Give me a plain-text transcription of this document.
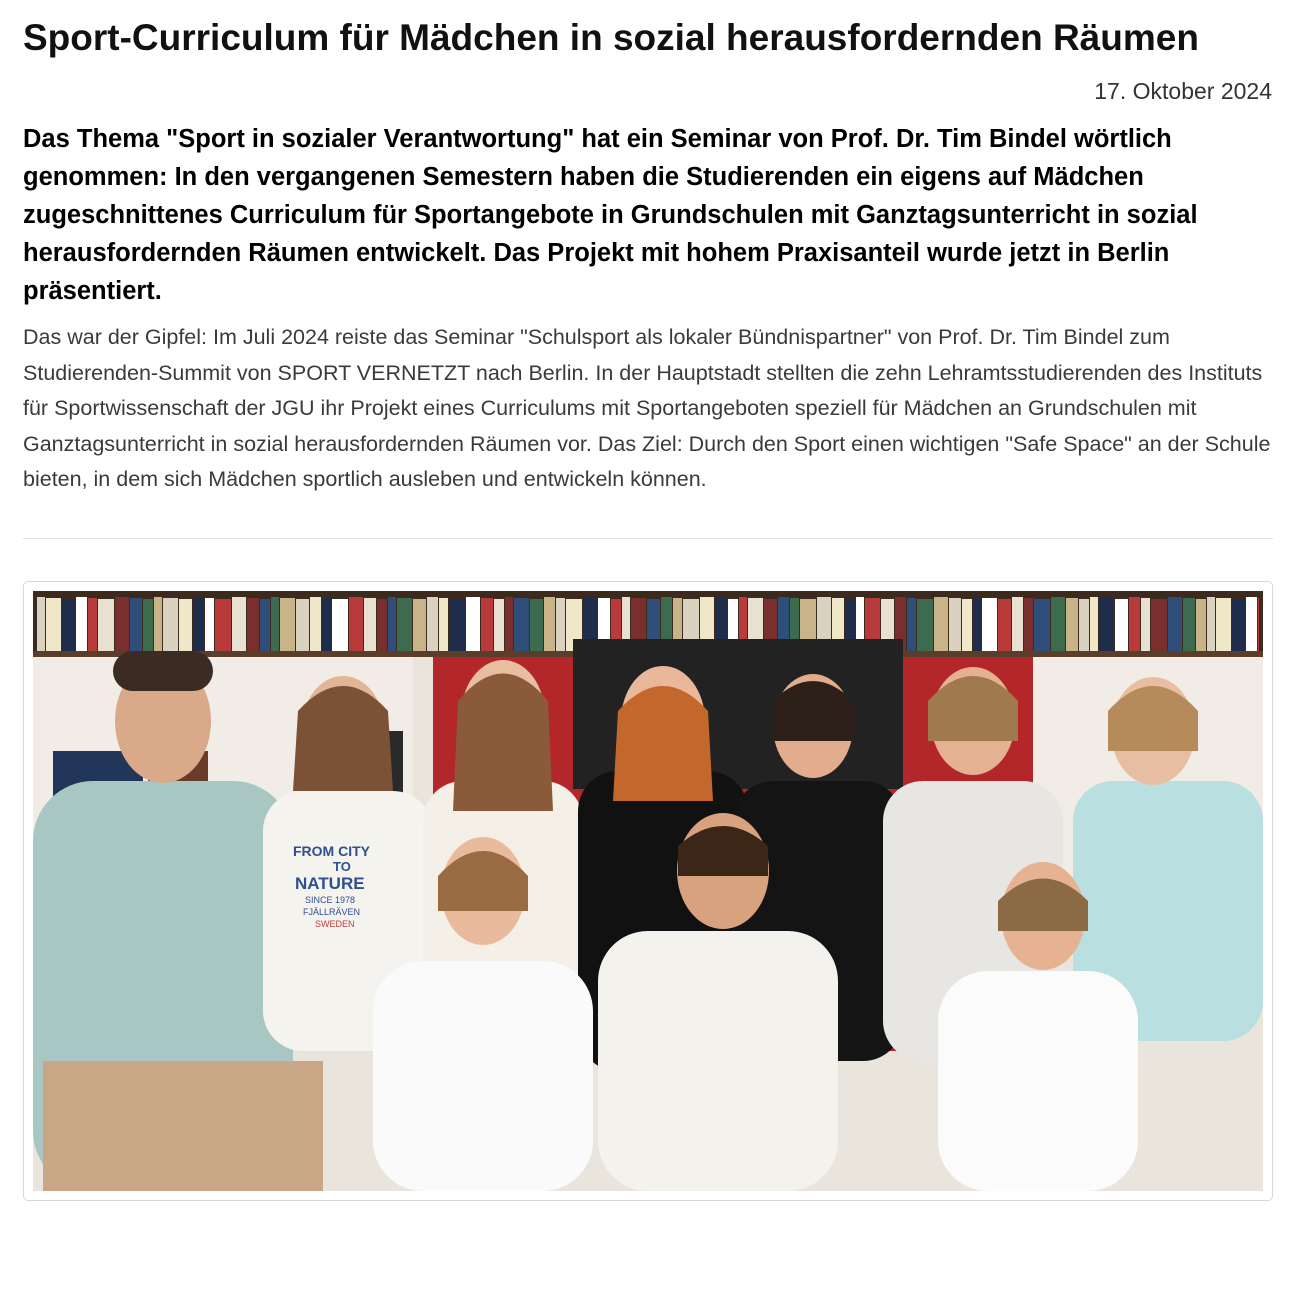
Sport-Curriculum für Mädchen in sozial herausfordernden Räumen
17. Oktober 2024

Das Thema "Sport in sozialer Verantwortung" hat ein Seminar von Prof. Dr. Tim Bindel wörtlich genommen: In den vergangenen Semestern haben die Studierenden ein eigens auf Mädchen zugeschnittenes Curriculum für Sportangebote in Grundschulen mit Ganztagsunterricht in sozial herausfordernden Räumen entwickelt. Das Projekt mit hohem Praxisanteil wurde jetzt in Berlin präsentiert.

Das war der Gipfel: Im Juli 2024 reiste das Seminar "Schulsport als lokaler Bündnispartner" von Prof. Dr. Tim Bindel zum Studierenden-Summit von SPORT VERNETZT nach Berlin. In der Hauptstadt stellten die zehn Lehramtsstudierenden des Instituts für Sportwissenschaft der JGU ihr Projekt eines Curriculums mit Sportangeboten speziell für Mädchen an Grundschulen mit Ganztagsunterricht in sozial herausfordernden Räumen vor. Das Ziel: Durch den Sport einen wichtigen "Safe Space" an der Schule bieten, in dem sich Mädchen sportlich ausleben und entwickeln können.

FROM CITY
TO
NATURE
SINCE 1978
FJÄLLRÄVEN
SWEDEN
